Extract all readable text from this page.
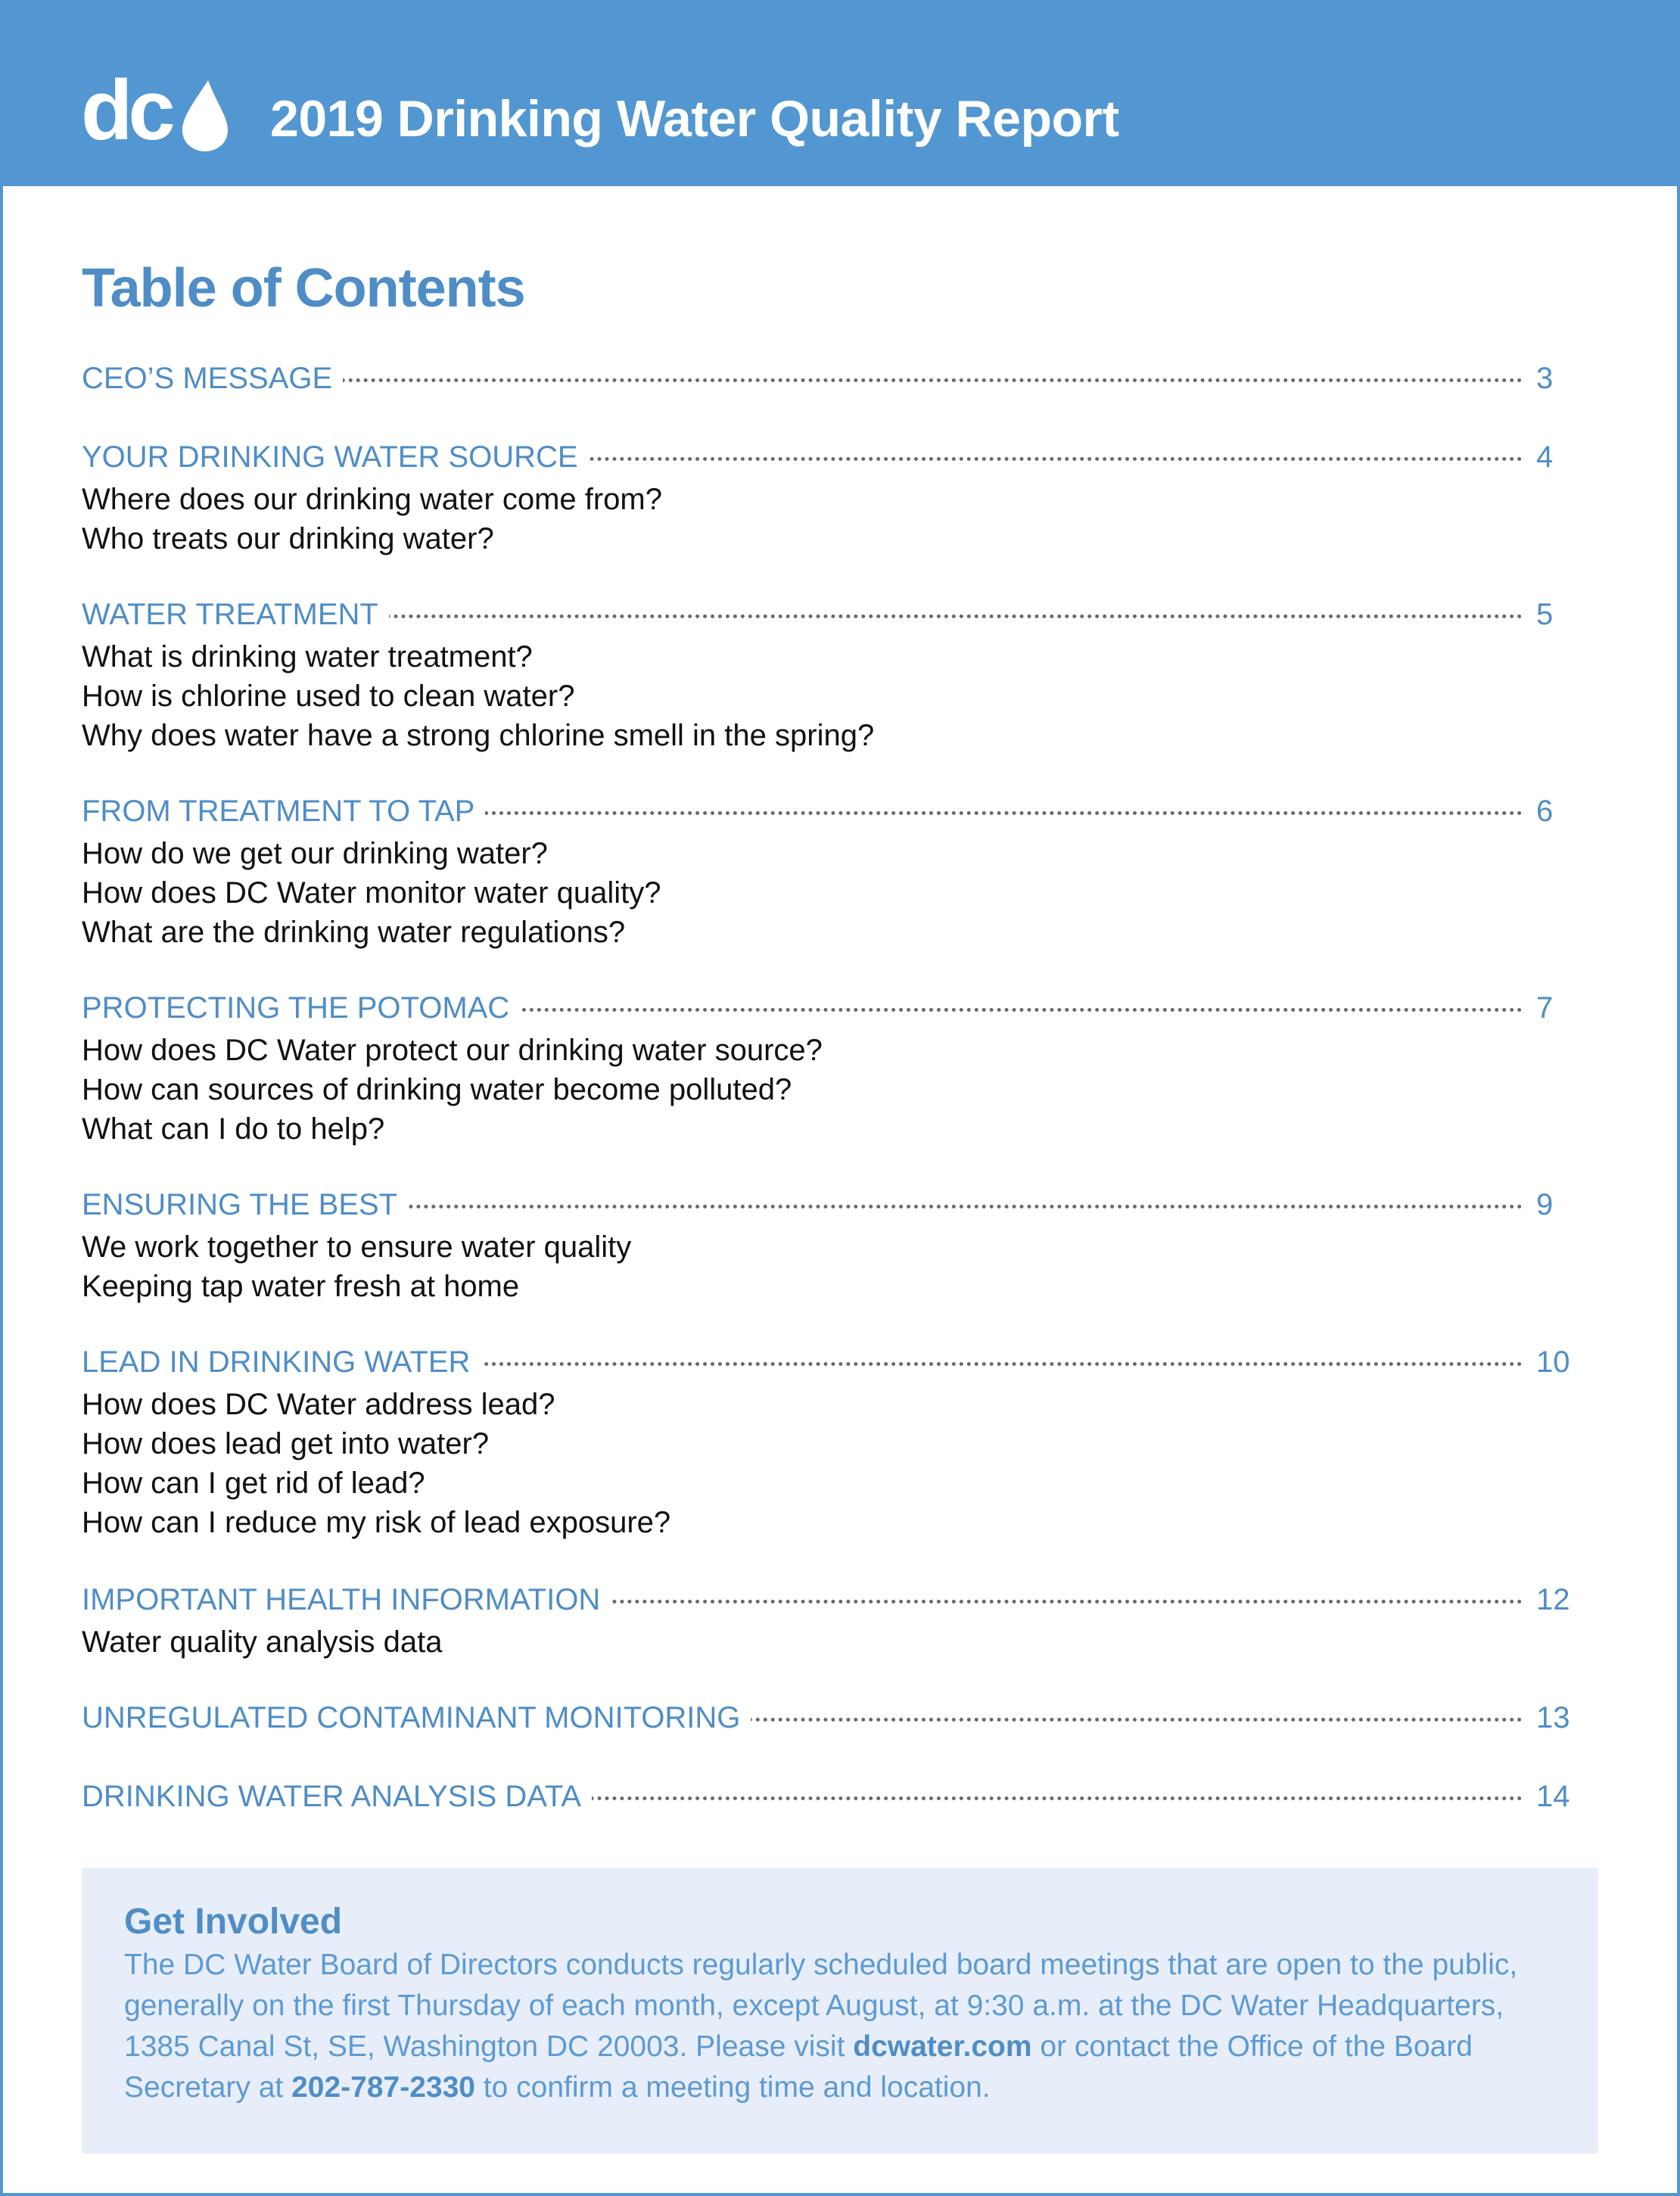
dc 2019 Drinking Water Quality Report
Table of Contents
CEO’S MESSAGE	3
YOUR DRINKING WATER SOURCE	4
Where does our drinking water come from?
Who treats our drinking water?
WATER TREATMENT	5
What is drinking water treatment?
How is chlorine used to clean water?
Why does water have a strong chlorine smell in the spring?
FROM TREATMENT TO TAP	6
How do we get our drinking water?
How does DC Water monitor water quality?
What are the drinking water regulations?
PROTECTING THE POTOMAC	7
How does DC Water protect our drinking water source?
How can sources of drinking water become polluted?
What can I do to help?
ENSURING THE BEST	9
We work together to ensure water quality
Keeping tap water fresh at home
LEAD IN DRINKING WATER	10
How does DC Water address lead?
How does lead get into water?
How can I get rid of lead?
How can I reduce my risk of lead exposure?
IMPORTANT HEALTH INFORMATION	12
Water quality analysis data
UNREGULATED CONTAMINANT MONITORING	13
DRINKING WATER ANALYSIS DATA	14
Get Involved
The DC Water Board of Directors conducts regularly scheduled board meetings that are open to the public, generally on the first Thursday of each month, except August, at 9:30 a.m. at the DC Water Headquarters, 1385 Canal St, SE, Washington DC 20003. Please visit dcwater.com or contact the Office of the Board Secretary at 202-787-2330 to confirm a meeting time and location.
